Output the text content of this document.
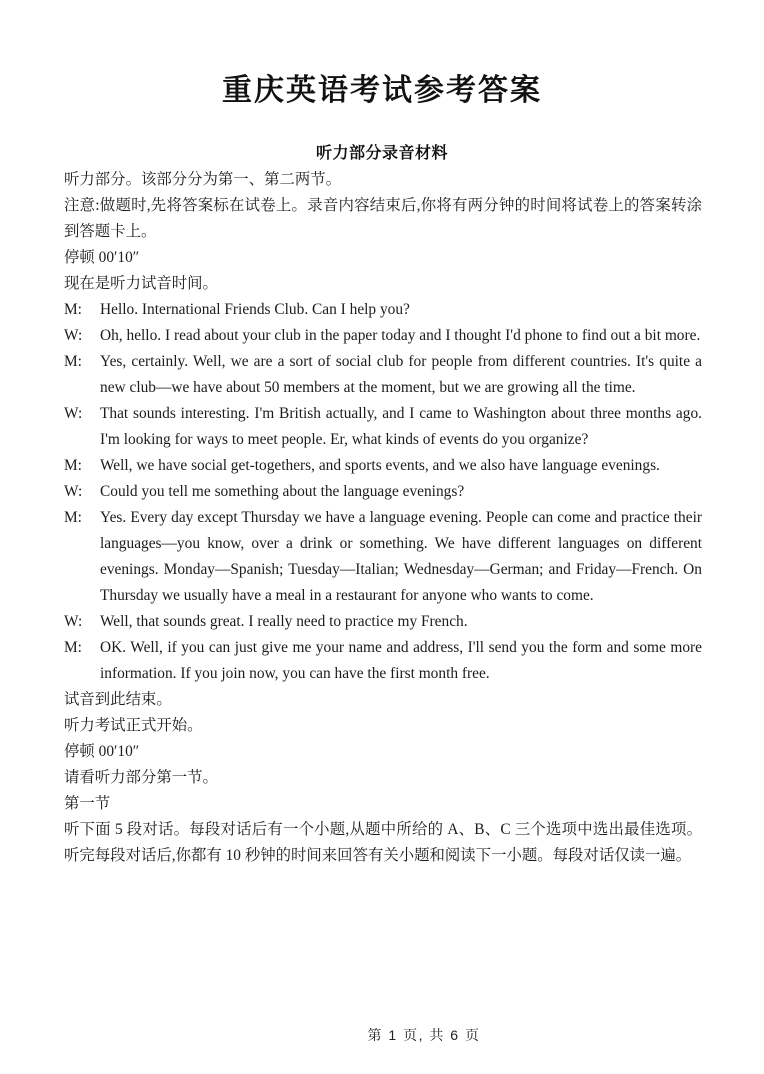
重庆英语考试参考答案
听力部分录音材料
听力部分。该部分分为第一、第二两节。
注意:做题时,先将答案标在试卷上。录音内容结束后,你将有两分钟的时间将试卷上的答案转涂到答题卡上。
停顿 00′10″
现在是听力试音时间。
M: Hello. International Friends Club. Can I help you?
W: Oh, hello. I read about your club in the paper today and I thought I'd phone to find out a bit more.
M: Yes, certainly. Well, we are a sort of social club for people from different countries. It's quite a new club—we have about 50 members at the moment, but we are growing all the time.
W: That sounds interesting. I'm British actually, and I came to Washington about three months ago. I'm looking for ways to meet people. Er, what kinds of events do you organize?
M: Well, we have social get-togethers, and sports events, and we also have language evenings.
W: Could you tell me something about the language evenings?
M: Yes. Every day except Thursday we have a language evening. People can come and practice their languages—you know, over a drink or something. We have different languages on different evenings. Monday—Spanish; Tuesday—Italian; Wednesday—German; and Friday—French. On Thursday we usually have a meal in a restaurant for anyone who wants to come.
W: Well, that sounds great. I really need to practice my French.
M: OK. Well, if you can just give me your name and address, I'll send you the form and some more information. If you join now, you can have the first month free.
试音到此结束。
听力考试正式开始。
停顿 00′10″
请看听力部分第一节。
第一节
听下面 5 段对话。每段对话后有一个小题,从题中所给的 A、B、C 三个选项中选出最佳选项。听完每段对话后,你都有 10 秒钟的时间来回答有关小题和阅读下一小题。每段对话仅读一遍。
第 1 页, 共 6 页
